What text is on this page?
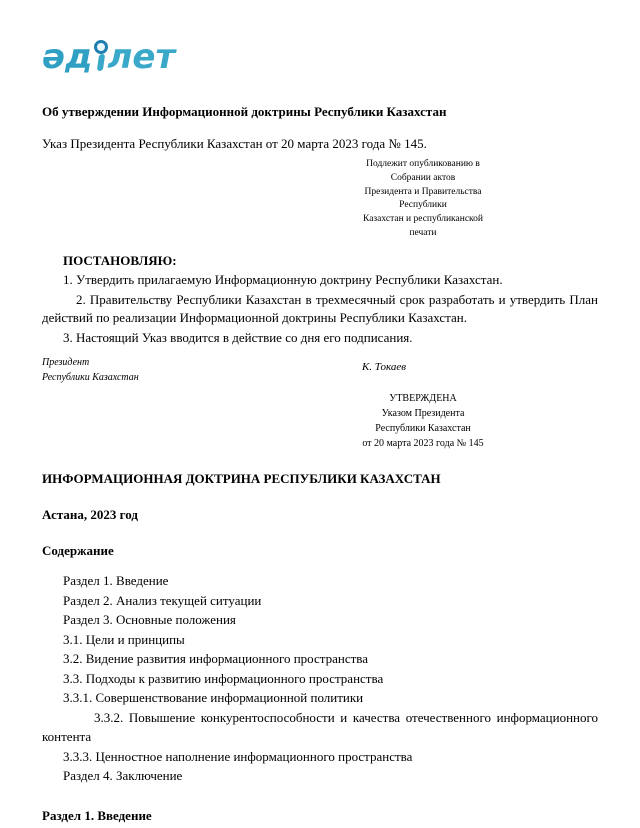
әд лет
Об утверждении Информационной доктрины Республики Казахстан
Указ Президента Республики Казахстан от 20 марта 2023 года № 145.
Подлежит опубликованию в
Собрании актов
Президента и Правительства
Республики
Казахстан и республиканской
печати
ПОСТАНОВЛЯЮ:

1. Утвердить прилагаемую Информационную доктрину Республики Казахстан.

2. Правительству Республики Казахстан в трехмесячный срок разработать и утвердить План действий по реализации Информационной доктрины Республики Казахстан.

3. Настоящий Указ вводится в действие со дня его подписания.

Президент
Республики Казахстан
К. Токаев
УТВЕРЖДЕНА
Указом Президента
Республики Казахстан
от 20 марта 2023 года № 145
ИНФОРМАЦИОННАЯ ДОКТРИНА РЕСПУБЛИКИ КАЗАХСТАН
Астана, 2023 год
Содержание

Раздел 1. Введение

Раздел 2. Анализ текущей ситуации

Раздел 3. Основные положения

3.1. Цели и принципы

3.2. Видение развития информационного пространства

3.3. Подходы к развитию информационного пространства

3.3.1. Совершенствование информационной политики

3.3.2. Повышение конкурентоспособности и качества отечественного информационного контента

3.3.3. Ценностное наполнение информационного пространства

Раздел 4. Заключение

Раздел 1. Введение
